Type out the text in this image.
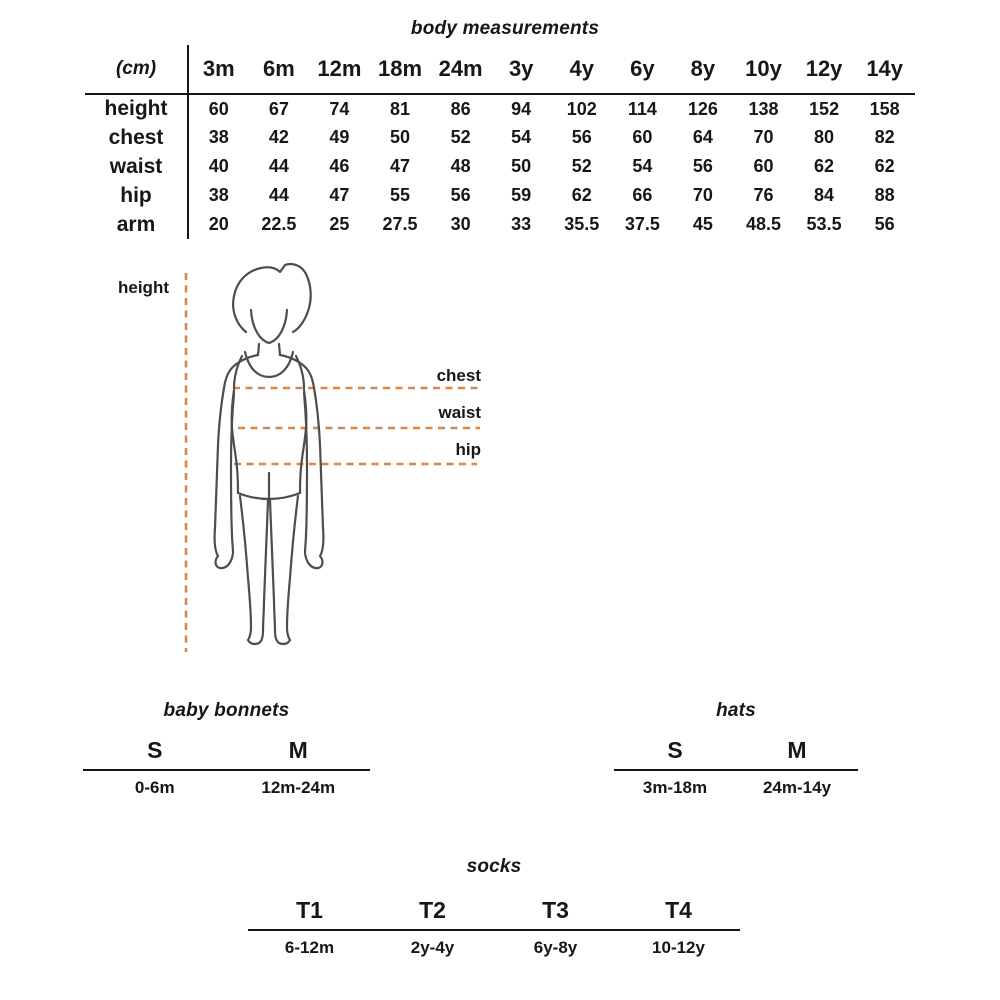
body measurements
(cm)	3m	6m	12m	18m	24m	3y	4y	6y	8y	10y	12y	14y
height	60	67	74	81	86	94	102	114	126	138	152	158
chest	38	42	49	50	52	54	56	60	64	70	80	82
waist	40	44	46	47	48	50	52	54	56	60	62	62
hip	38	44	47	55	56	59	62	66	70	76	84	88
arm	20	22.5	25	27.5	30	33	35.5	37.5	45	48.5	53.5	56
height
chest
waist
hip
baby bonnets
S	M
0-6m	12m-24m
hats
S	M
3m-18m	24m-14y
socks
T1	T2	T3	T4
6-12m	2y-4y	6y-8y	10-12y
